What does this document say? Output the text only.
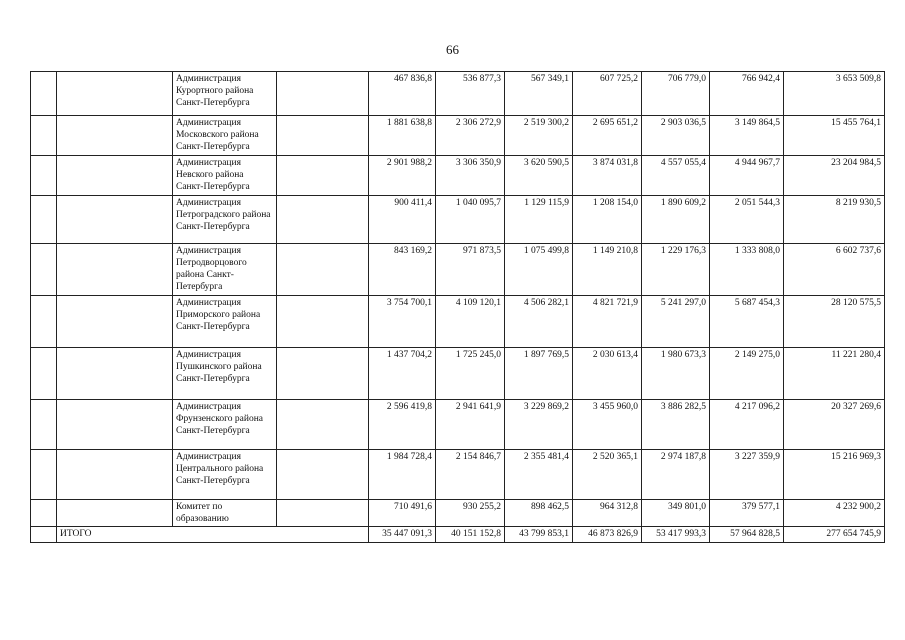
66
		Администрация Курортного района Санкт-Петербурга		467 836,8	536 877,3	567 349,1	607 725,2	706 779,0	766 942,4	3 653 509,8
		Администрация Московского района Санкт-Петербурга		1 881 638,8	2 306 272,9	2 519 300,2	2 695 651,2	2 903 036,5	3 149 864,5	15 455 764,1
		Администрация Невского района Санкт-Петербурга		2 901 988,2	3 306 350,9	3 620 590,5	3 874 031,8	4 557 055,4	4 944 967,7	23 204 984,5
		Администрация Петроградского района Санкт-Петербурга		900 411,4	1 040 095,7	1 129 115,9	1 208 154,0	1 890 609,2	2 051 544,3	8 219 930,5
		Администрация Петродворцового района Санкт-Петербурга		843 169,2	971 873,5	1 075 499,8	1 149 210,8	1 229 176,3	1 333 808,0	6 602 737,6
		Администрация Приморского района Санкт-Петербурга		3 754 700,1	4 109 120,1	4 506 282,1	4 821 721,9	5 241 297,0	5 687 454,3	28 120 575,5
		Администрация Пушкинского района Санкт-Петербурга		1 437 704,2	1 725 245,0	1 897 769,5	2 030 613,4	1 980 673,3	2 149 275,0	11 221 280,4
		Администрация Фрунзенского района Санкт-Петербурга		2 596 419,8	2 941 641,9	3 229 869,2	3 455 960,0	3 886 282,5	4 217 096,2	20 327 269,6
		Администрация Центрального района Санкт-Петербурга		1 984 728,4	2 154 846,7	2 355 481,4	2 520 365,1	2 974 187,8	3 227 359,9	15 216 969,3
		Комитет по образованию		710 491,6	930 255,2	898 462,5	964 312,8	349 801,0	379 577,1	4 232 900,2
	ИТОГО			35 447 091,3	40 151 152,8	43 799 853,1	46 873 826,9	53 417 993,3	57 964 828,5	277 654 745,9
